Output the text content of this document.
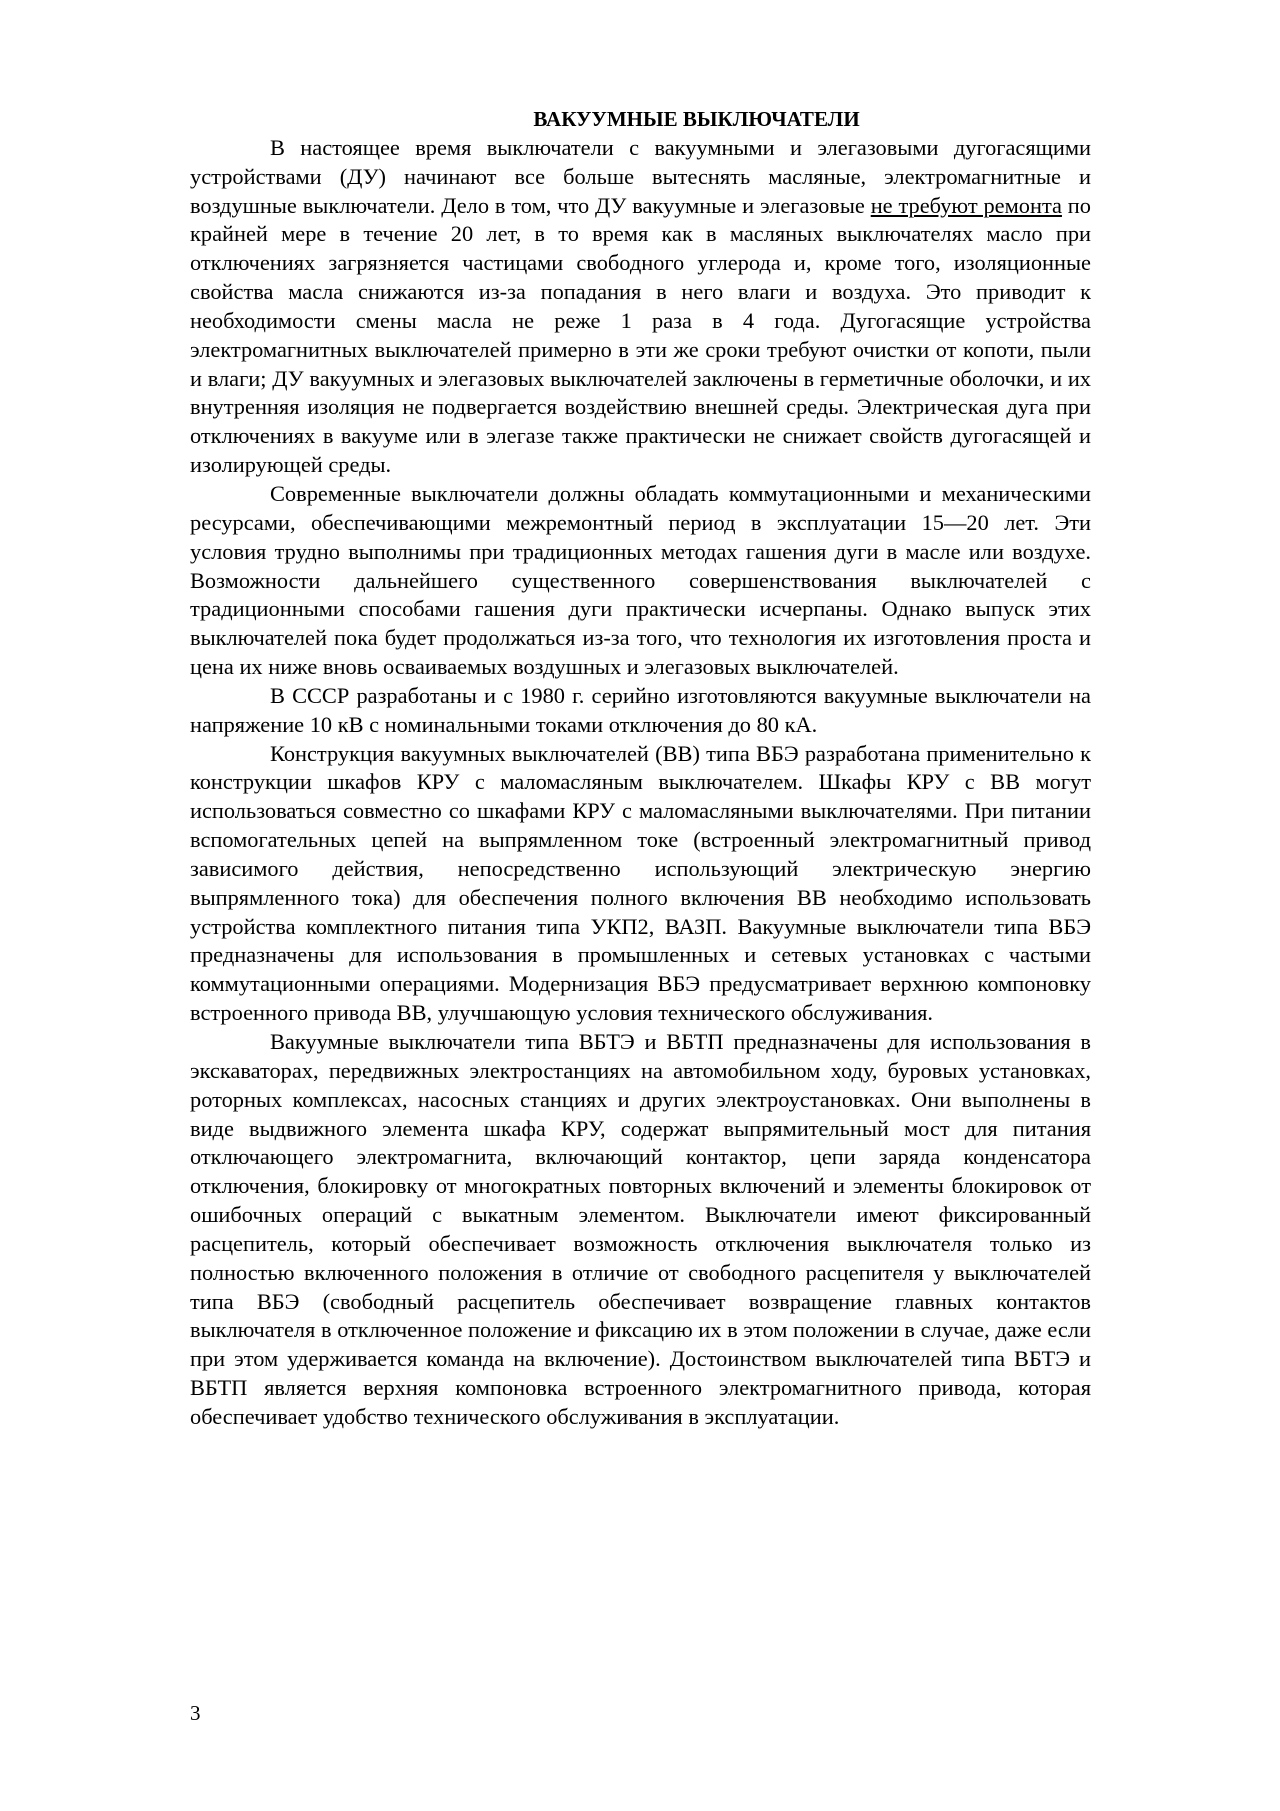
ВАКУУМНЫЕ ВЫКЛЮЧАТЕЛИ

В настоящее время выключатели с вакуумными и элегазовыми дугогасящими устройствами (ДУ) начинают все больше вытеснять масляные, электромагнитные и воздушные выключатели. Дело в том, что ДУ вакуумные и элегазовые не требуют ремонта по крайней мере в течение 20 лет, в то время как в масляных выключателях масло при отключениях загрязняется частицами свободного углерода и, кроме того, изоляционные свойства масла снижаются из-за попадания в него влаги и воздуха. Это приводит к необходимости смены масла не реже 1 раза в 4 года. Дугогасящие устройства электромагнитных выключателей примерно в эти же сроки требуют очистки от копоти, пыли и влаги; ДУ вакуумных и элегазовых выключателей заключены в герметичные оболочки, и их внутренняя изоляция не подвергается воздействию внешней среды. Электрическая дуга при отключениях в вакууме или в элегазе также практически не снижает свойств дугогасящей и изолирующей среды.

Современные выключатели должны обладать коммутационными и механическими ресурсами, обеспечивающими межремонтный период в эксплуатации 15—20 лет. Эти условия трудно выполнимы при традиционных методах гашения дуги в масле или воздухе. Возможности дальнейшего существенного совершенствования выключателей с традиционными способами гашения дуги практически исчерпаны. Однако выпуск этих выключателей пока будет продолжаться из-за того, что технология их изготовления проста и цена их ниже вновь осваиваемых воздушных и элегазовых выключателей.

В СССР разработаны и с 1980 г. серийно изготовляются вакуумные выключатели на напряжение 10 кВ с номинальными токами отключения до 80 кА.

Конструкция вакуумных выключателей (ВВ) типа ВБЭ разработана применительно к конструкции шкафов КРУ с маломасляным выключателем. Шкафы КРУ с ВВ могут использоваться совместно со шкафами КРУ с маломасляными выключателями. При питании вспомогательных цепей на выпрямленном токе (встроенный электромагнитный привод зависимого действия, непосредственно использующий электрическую энергию выпрямленного тока) для обеспечения полного включения ВВ необходимо использовать устройства комплектного питания типа УКП2, ВАЗП. Вакуумные выключатели типа ВБЭ предназначены для использования в промышленных и сетевых установках с частыми коммутационными операциями. Модернизация ВБЭ предусматривает верхнюю компоновку встроенного привода ВВ, улучшающую условия технического обслуживания.

Вакуумные выключатели типа ВБТЭ и ВБТП предназначены для использования в экскаваторах, передвижных электростанциях на автомобильном ходу, буровых установках, роторных комплексах, насосных станциях и других электроустановках. Они выполнены в виде выдвижного элемента шкафа КРУ, содержат выпрямительный мост для питания отключающего электромагнита, включающий контактор, цепи заряда конденсатора отключения, блокировку от многократных повторных включений и элементы блокировок от ошибочных операций с выкатным элементом. Выключатели имеют фиксированный расцепитель, который обеспечивает возможность отключения выключателя только из полностью включенного положения в отличие от свободного расцепителя у выключателей типа ВБЭ (свободный расцепитель обеспечивает возвращение главных контактов выключателя в отключенное положение и фиксацию их в этом положении в случае, даже если при этом удерживается команда на включение). Достоинством выключателей типа ВБТЭ и ВБТП является верхняя компоновка встроенного электромагнитного привода, которая обеспечивает удобство технического обслуживания в эксплуатации.

3
